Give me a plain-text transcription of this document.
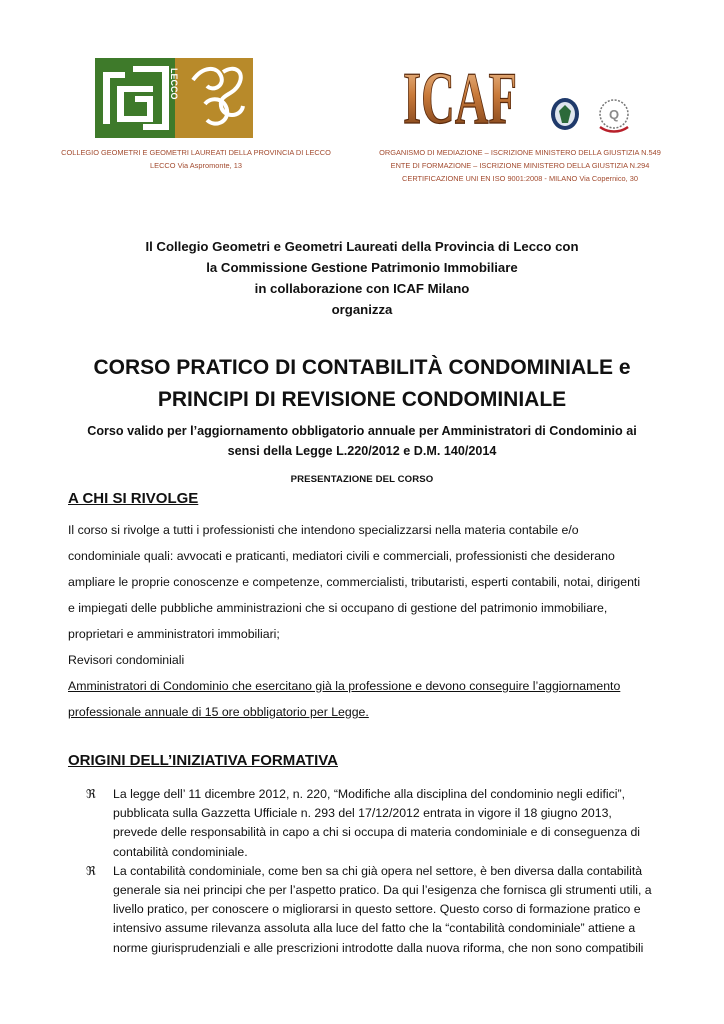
LECCO	ICAF	Q
COLLEGIO GEOMETRI E GEOMETRI LAUREATI DELLA PROVINCIA DI LECCO
LECCO Via Aspromonte, 13
ORGANISMO DI MEDIAZIONE – ISCRIZIONE MINISTERO DELLA GIUSTIZIA N.549
ENTE DI FORMAZIONE – ISCRIZIONE MINISTERO DELLA GIUSTIZIA N.294
CERTIFICAZIONE UNI EN ISO 9001:2008 - MILANO Via Copernico, 30
Il Collegio Geometri e Geometri Laureati della Provincia di Lecco con
la Commissione Gestione Patrimonio Immobiliare
in collaborazione con ICAF Milano
organizza
CORSO PRATICO DI CONTABILITÀ CONDOMINIALE e
PRINCIPI DI REVISIONE CONDOMINIALE
Corso valido per l’aggiornamento obbligatorio annuale per Amministratori di Condominio ai
sensi della Legge L.220/2012 e D.M. 140/2014
PRESENTAZIONE DEL CORSO
A CHI SI RIVOLGE
Il corso si rivolge a tutti i professionisti che intendono specializzarsi nella materia contabile e/o
condominiale quali: avvocati e praticanti, mediatori civili e commerciali, professionisti che desiderano
ampliare le proprie conoscenze e competenze, commercialisti, tributaristi, esperti contabili, notai, dirigenti
e impiegati delle pubbliche amministrazioni che si occupano di gestione del patrimonio immobiliare,
proprietari e amministratori immobiliari;
Revisori condominiali
Amministratori di Condominio che esercitano già la professione e devono conseguire l’aggiornamento
professionale annuale di 15 ore obbligatorio per Legge.
ORIGINI DELL’INIZIATIVA FORMATIVA
ℜ La legge dell’ 11 dicembre 2012, n. 220, “Modifiche alla disciplina del condominio negli edifici”,
pubblicata sulla Gazzetta Ufficiale n. 293 del 17/12/2012 entrata in vigore il 18 giugno 2013,
prevede delle responsabilità in capo a chi si occupa di materia condominiale e di conseguenza di
contabilità condominiale.
ℜ La contabilità condominiale, come ben sa chi già opera nel settore, è ben diversa dalla contabilità
generale sia nei principi che per l’aspetto pratico. Da qui l’esigenza che fornisca gli strumenti utili, a
livello pratico, per conoscere o migliorarsi in questo settore. Questo corso di formazione pratico e
intensivo assume rilevanza assoluta alla luce del fatto che la “contabilità condominiale” attiene a
norme giurisprudenziali e alle prescrizioni introdotte dalla nuova riforma, che non sono compatibili
